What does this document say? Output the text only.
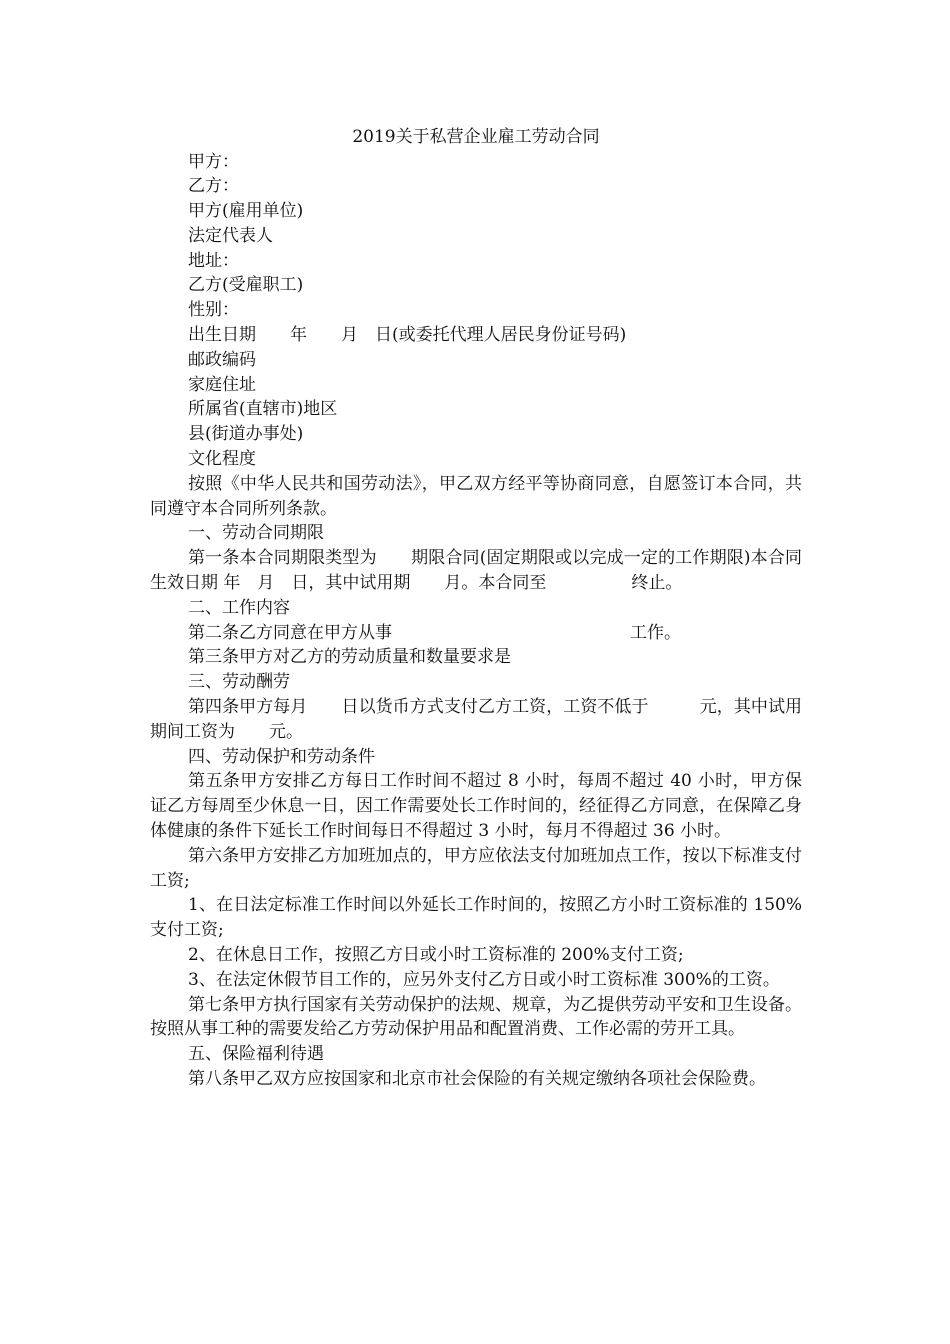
2019关于私营企业雇工劳动合同

甲方：

乙方：

甲方(雇用单位)

法定代表人

地址：

乙方(受雇职工)

性别：

出生日期　　年　　月　日(或委托代理人居民身份证号码)

邮政编码

家庭住址

所属省(直辖市)地区

县(街道办事处)

文化程度

按照《中华人民共和国劳动法》，甲乙双方经平等协商同意，自愿签订本合同，共同遵守本合同所列条款。

一、劳动合同期限

第一条本合同期限类型为　　期限合同(固定期限或以完成一定的工作期限)本合同生效日期 年　月　日，其中试用期　　月。本合同至　　　　　终止。

二、工作内容

第二条乙方同意在甲方从事　　　　　　　　　　　　　　工作。

第三条甲方对乙方的劳动质量和数量要求是

三、劳动酬劳

第四条甲方每月　　日以货币方式支付乙方工资，工资不低于　　　元，其中试用期间工资为　　元。

四、劳动保护和劳动条件

第五条甲方安排乙方每日工作时间不超过 8 小时，每周不超过 40 小时，甲方保证乙方每周至少休息一日，因工作需要处长工作时间的，经征得乙方同意，在保障乙身体健康的条件下延长工作时间每日不得超过 3 小时，每月不得超过 36 小时。

第六条甲方安排乙方加班加点的，甲方应依法支付加班加点工作，按以下标准支付工资;

1、在日法定标准工作时间以外延长工作时间的，按照乙方小时工资标准的 150%支付工资;

2、在休息日工作，按照乙方日或小时工资标准的 200%支付工资;

3、在法定休假节目工作的，应另外支付乙方日或小时工资标准 300%的工资。

第七条甲方执行国家有关劳动保护的法规、规章，为乙提供劳动平安和卫生设备。按照从事工种的需要发给乙方劳动保护用品和配置消费、工作必需的劳开工具。

五、保险福利待遇

第八条甲乙双方应按国家和北京市社会保险的有关规定缴纳各项社会保险费。
